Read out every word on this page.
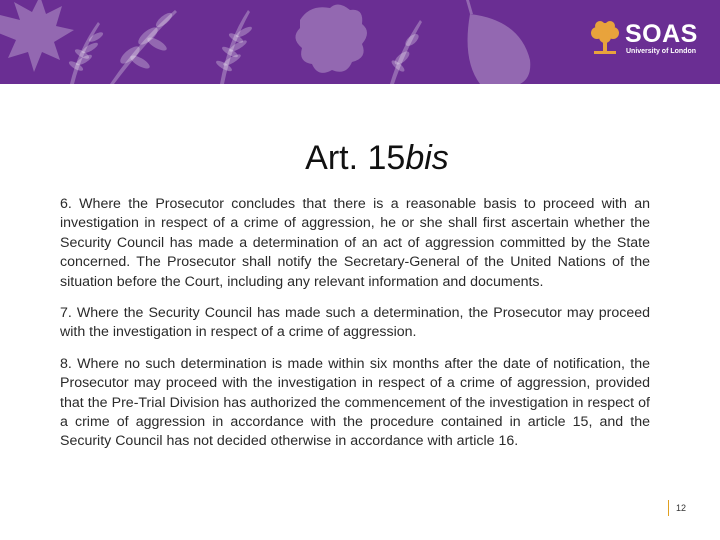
SOAS
University of London
Art. 15bis

6. Where the Prosecutor concludes that there is a reasonable basis to proceed with an investigation in respect of a crime of aggression, he or she shall first ascertain whether the Security Council has made a determination of an act of aggression committed by the State concerned. The Prosecutor shall notify the Secretary-General of the United Nations of the situation before the Court, including any relevant information and documents.

7. Where the Security Council has made such a determination, the Prosecutor may proceed with the investigation in respect of a crime of aggression.

8. Where no such determination is made within six months after the date of notification, the Prosecutor may proceed with the investigation in respect of a crime of aggression, provided that the Pre-Trial Division has authorized the commencement of the investigation in respect of a crime of aggression in accordance with the procedure contained in article 15, and the Security Council has not decided otherwise in accordance with article 16.

12
